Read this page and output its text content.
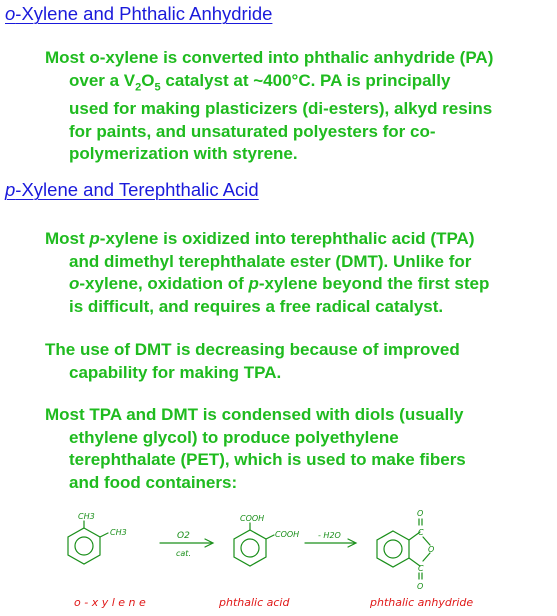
o-Xylene and Phthalic Anhydride
Most o-xylene is converted into phthalic anhydride (PA)
over a $V_2O_5$ catalyst at ~400°C. PA is principally
used for making plasticizers (di-esters), alkyd resins
for paints, and unsaturated polyesters for co-
polymerization with styrene.
p-Xylene and Terephthalic Acid
Most p-xylene is oxidized into terephthalic acid (TPA)
and dimethyl terephthalate ester (DMT). Unlike for
o-xylene, oxidation of p-xylene beyond the first step
is difficult, and requires a free radical catalyst.
The use of DMT is decreasing because of improved
capability for making TPA.
Most TPA and DMT is condensed with diols (usually
ethylene glycol) to produce polyethylene
terephthalate (PET), which is used to make fibers
and food containers:
CH3
CH3	O2
cat.
COOH
COOH - H2O
O
C
O
C
O
o - x y l e n e	phthalic acid	phthalic anhydride
